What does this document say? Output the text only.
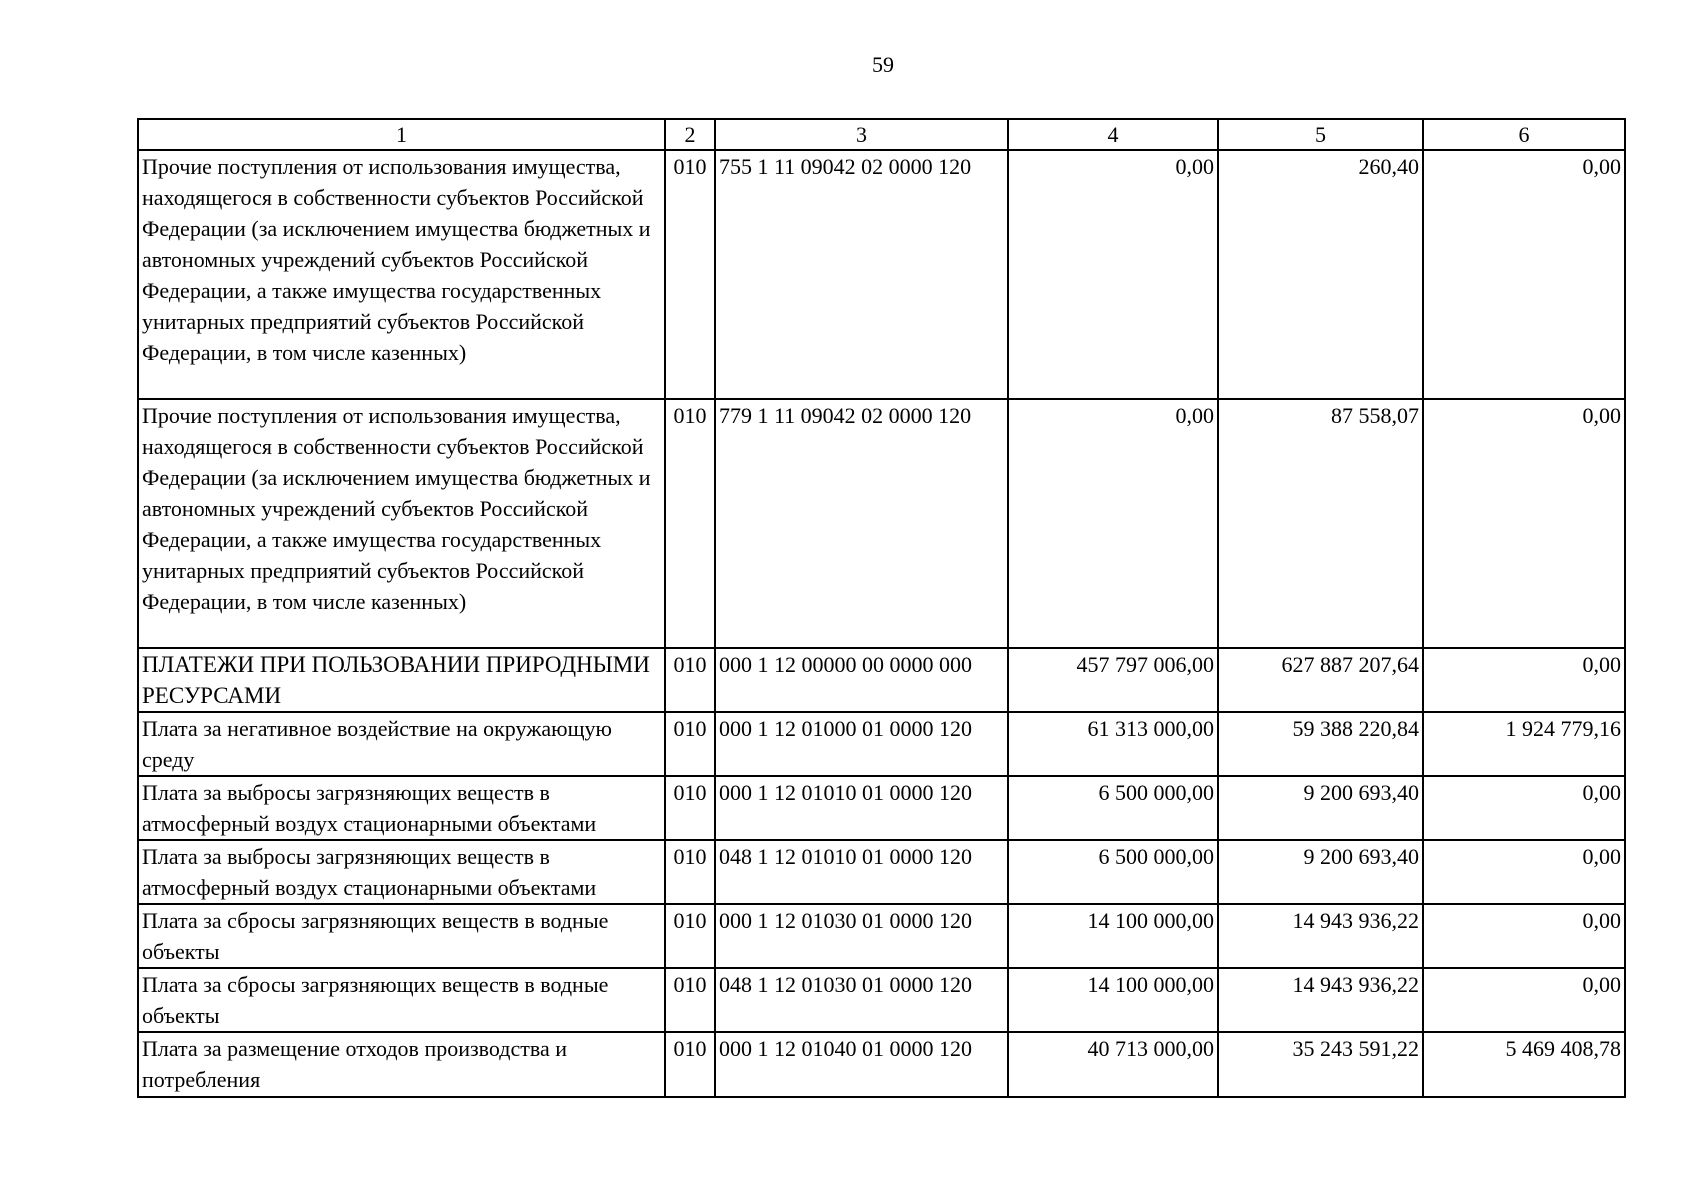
59
1	2	3	4	5	6
Прочие поступления от использования имущества, находящегося в собственности субъектов Российской Федерации (за исключением имущества бюджетных и автономных учреждений субъектов Российской Федерации, а также имущества государственных унитарных предприятий субъектов Российской Федерации, в том числе казенных)	010	755 1 11 09042 02 0000 120	0,00	260,40	0,00
Прочие поступления от использования имущества, находящегося в собственности субъектов Российской Федерации (за исключением имущества бюджетных и автономных учреждений субъектов Российской Федерации, а также имущества государственных унитарных предприятий субъектов Российской Федерации, в том числе казенных)	010	779 1 11 09042 02 0000 120	0,00	87 558,07	0,00
ПЛАТЕЖИ ПРИ ПОЛЬЗОВАНИИ ПРИРОДНЫМИ РЕСУРСАМИ	010	000 1 12 00000 00 0000 000	457 797 006,00	627 887 207,64	0,00
Плата за негативное воздействие на окружающую среду	010	000 1 12 01000 01 0000 120	61 313 000,00	59 388 220,84	1 924 779,16
Плата за выбросы загрязняющих веществ в атмосферный воздух стационарными объектами	010	000 1 12 01010 01 0000 120	6 500 000,00	9 200 693,40	0,00
Плата за выбросы загрязняющих веществ в атмосферный воздух стационарными объектами	010	048 1 12 01010 01 0000 120	6 500 000,00	9 200 693,40	0,00
Плата за сбросы загрязняющих веществ в водные объекты	010	000 1 12 01030 01 0000 120	14 100 000,00	14 943 936,22	0,00
Плата за сбросы загрязняющих веществ в водные объекты	010	048 1 12 01030 01 0000 120	14 100 000,00	14 943 936,22	0,00
Плата за размещение отходов производства и потребления	010	000 1 12 01040 01 0000 120	40 713 000,00	35 243 591,22	5 469 408,78
